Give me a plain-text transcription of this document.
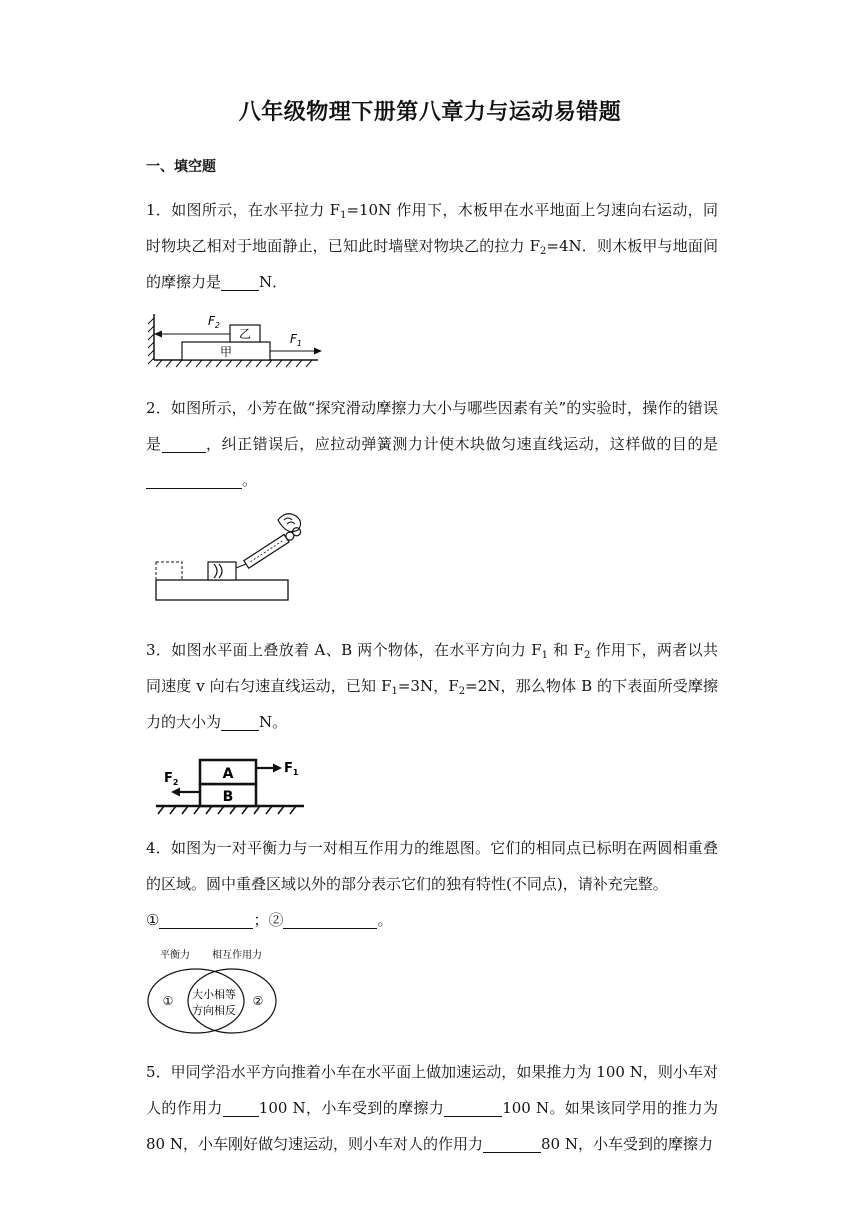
八年级物理下册第八章力与运动易错题
一、填空题
1．如图所示，在水平拉力 $F_1=10N$ 作用下，木板甲在水平地面上匀速向右运动，同时物块乙相对于地面静止，已知此时墙壁对物块乙的拉力 $F_2=4N$．则木板甲与地面间的摩擦力是	N．
甲
乙
$F_2$
$F_1$
2．如图所示，小芳在做“探究滑动摩擦力大小与哪些因素有关”的实验时，操作的错误是	，纠正错误后，应拉动弹簧测力计使木块做匀速直线运动，这样做的目的是。
3．如图水平面上叠放着 A、B 两个物体，在水平方向力 $F_1$ 和 $F_2$ 作用下，两者以共同速度 v 向右匀速直线运动，已知 $F_1=3N$，$F_2=2N$，那么物体 B 的下表面所受摩擦力的大小为	N。
B
A	$F_1$
$F_2$
4．如图为一对平衡力与一对相互作用力的维恩图。它们的相同点已标明在两圆相重叠的区域。圆中重叠区域以外的部分表示它们的独有特性(不同点)，请补充完整。
①	；②	。
平衡力 相互作用力
①	②
大小相等
方向相反
5．甲同学沿水平方向推着小车在水平面上做加速运动，如果推力为 100 N，则小车对人的作用力 100 N，小车受到的摩擦力	100 N。如果该同学用的推力为 80 N，小车刚好做匀速运动，则小车对人的作用力	80 N，小车受到的摩擦力
